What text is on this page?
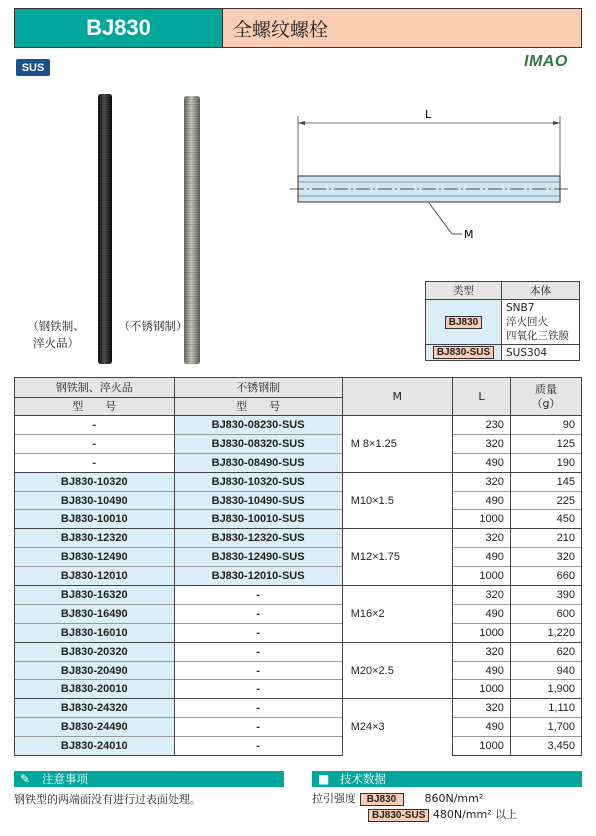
BJ830	全螺纹螺栓
SUS	IMAO
（钢铁制、
淬火品）
（不锈钢制）
L
M
类型	本体
BJ830	SNB7
淬火回火
四氧化三铁膜
BJ830-SUS	SUS304
钢铁制、淬火品	不锈钢制	M	L	质量
（g）
型　　号	型　　号			
-	BJ830-08230-SUS	M 8×1.25	230	90
-	BJ830-08320-SUS		320	125
-	BJ830-08490-SUS		490	190
BJ830-10320	BJ830-10320-SUS	M10×1.5	320	145
BJ830-10490	BJ830-10490-SUS		490	225
BJ830-10010	BJ830-10010-SUS		1000	450
BJ830-12320	BJ830-12320-SUS	M12×1.75	320	210
BJ830-12490	BJ830-12490-SUS		490	320
BJ830-12010	BJ830-12010-SUS		1000	660
BJ830-16320	-	M16×2	320	390
BJ830-16490	-		490	600
BJ830-16010	-		1000	1,220
BJ830-20320	-	M20×2.5	320	620
BJ830-20490	-		490	940
BJ830-20010	-		1000	1,900
BJ830-24320	-	M24×3	320	1,110
BJ830-24490	-		490	1,700
BJ830-24010	-		1000	3,450
✎ 注意事项
钢铁型的两端面没有进行过表面处理。
■ 技术数据
拉引强度 BJ830	860N/mm²
BJ830-SUS 480N/mm² 以上
